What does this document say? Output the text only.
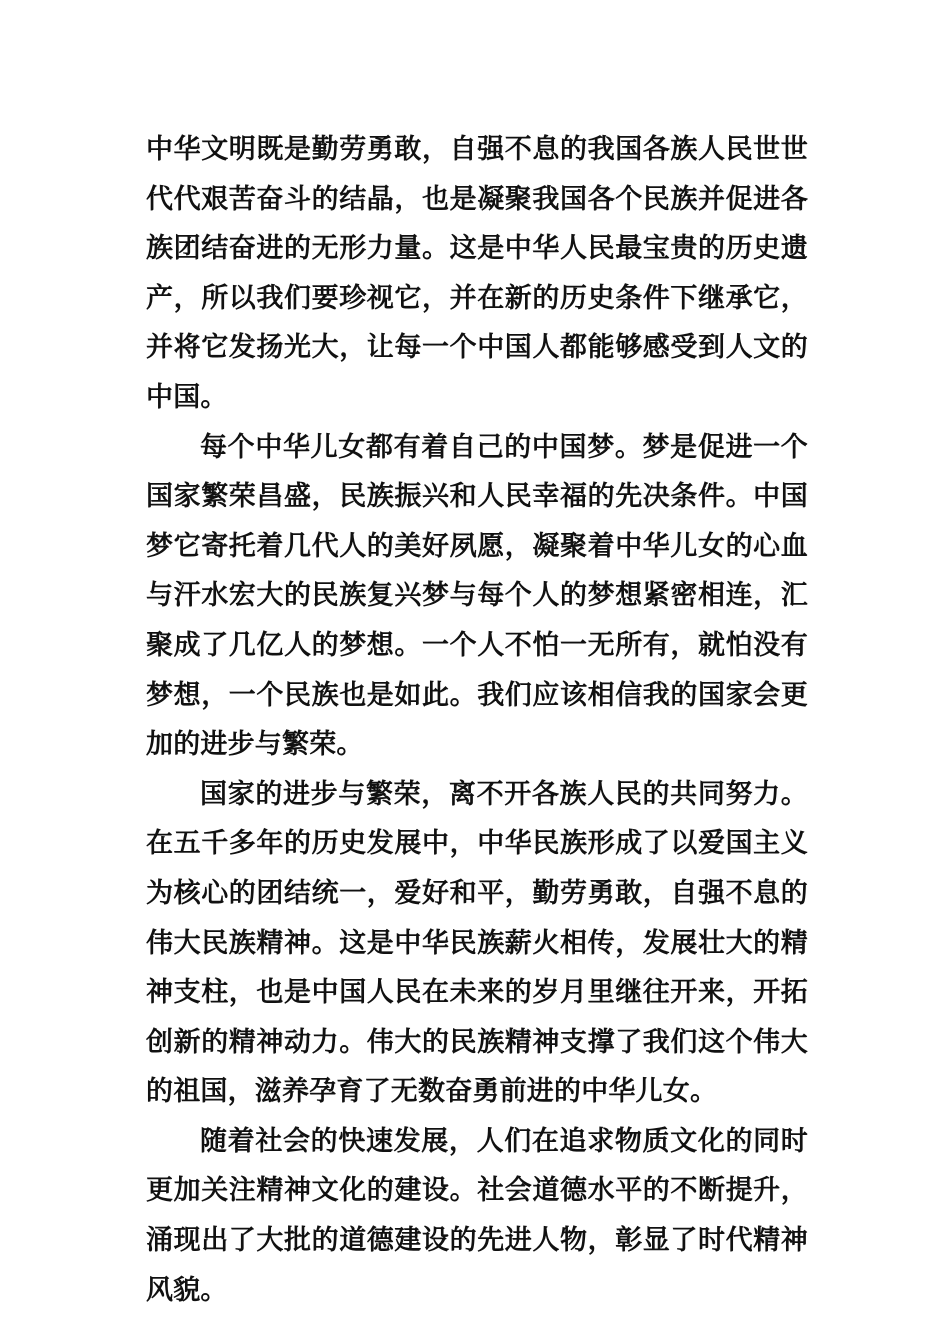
中华文明既是勤劳勇敢，自强不息的我国各族人民世世代代艰苦奋斗的结晶，也是凝聚我国各个民族并促进各族团结奋进的无形力量。这是中华人民最宝贵的历史遗产，所以我们要珍视它，并在新的历史条件下继承它，并将它发扬光大，让每一个中国人都能够感受到人文的中国。

每个中华儿女都有着自己的中国梦。梦是促进一个国家繁荣昌盛，民族振兴和人民幸福的先决条件。中国梦它寄托着几代人的美好夙愿，凝聚着中华儿女的心血与汗水宏大的民族复兴梦与每个人的梦想紧密相连，汇聚成了几亿人的梦想。一个人不怕一无所有，就怕没有梦想，一个民族也是如此。我们应该相信我的国家会更加的进步与繁荣。

国家的进步与繁荣，离不开各族人民的共同努力。在五千多年的历史发展中，中华民族形成了以爱国主义为核心的团结统一，爱好和平，勤劳勇敢，自强不息的伟大民族精神。这是中华民族薪火相传，发展壮大的精神支柱，也是中国人民在未来的岁月里继往开来，开拓创新的精神动力。伟大的民族精神支撑了我们这个伟大的祖国，滋养孕育了无数奋勇前进的中华儿女。

随着社会的快速发展，人们在追求物质文化的同时更加关注精神文化的建设。社会道德水平的不断提升，涌现出了大批的道德建设的先进人物，彰显了时代精神风貌。
